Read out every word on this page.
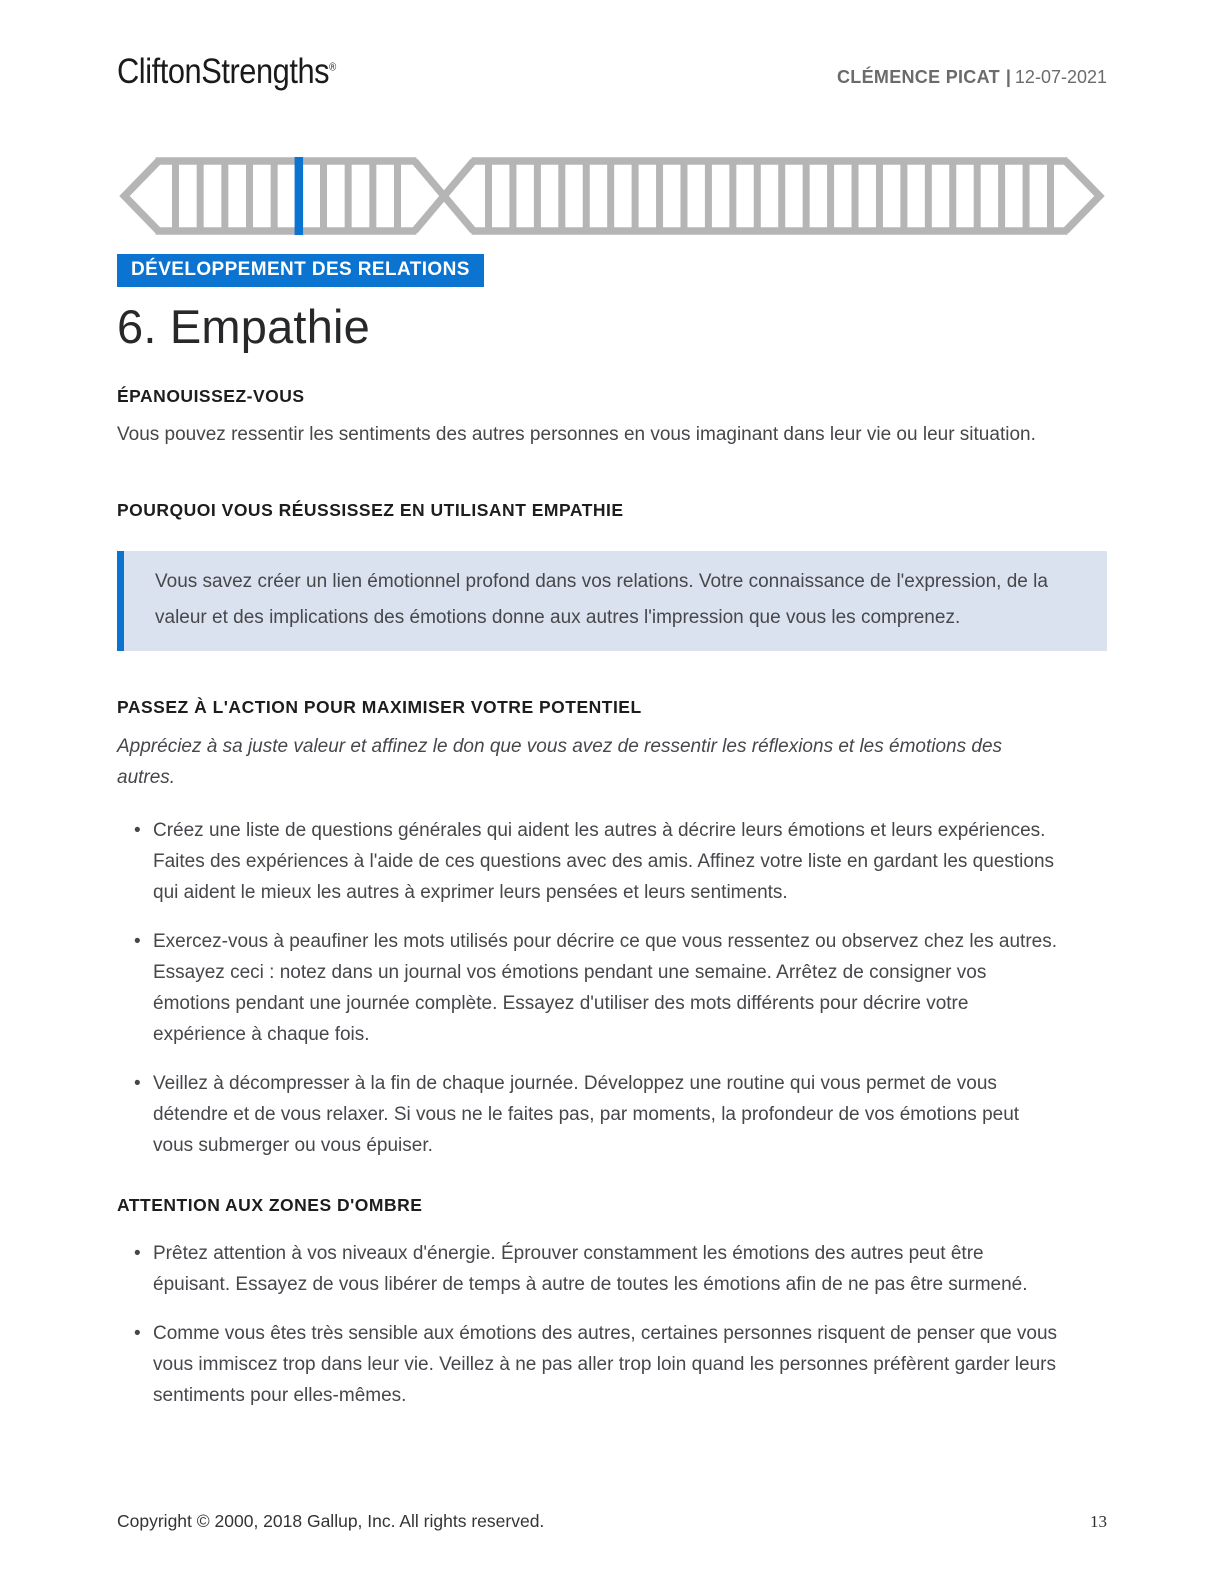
CliftonStrengths®	CLÉMENCE PICAT | 12-07-2021
DÉVELOPPEMENT DES RELATIONS
6. Empathie
ÉPANOUISSEZ-VOUS

Vous pouvez ressentir les sentiments des autres personnes en vous imaginant dans leur vie ou leur situation.

POURQUOI VOUS RÉUSSISSEZ EN UTILISANT EMPATHIE

Vous savez créer un lien émotionnel profond dans vos relations. Votre connaissance de l'expression, de la valeur et des implications des émotions donne aux autres l'impression que vous les comprenez.

PASSEZ À L'ACTION POUR MAXIMISER VOTRE POTENTIEL

Appréciez à sa juste valeur et affinez le don que vous avez de ressentir les réflexions et les émotions des autres.

• Créez une liste de questions générales qui aident les autres à décrire leurs émotions et leurs expériences. Faites des expériences à l'aide de ces questions avec des amis. Affinez votre liste en gardant les questions qui aident le mieux les autres à exprimer leurs pensées et leurs sentiments.
• Exercez-vous à peaufiner les mots utilisés pour décrire ce que vous ressentez ou observez chez les autres. Essayez ceci : notez dans un journal vos émotions pendant une semaine. Arrêtez de consigner vos émotions pendant une journée complète. Essayez d'utiliser des mots différents pour décrire votre expérience à chaque fois.
• Veillez à décompresser à la fin de chaque journée. Développez une routine qui vous permet de vous détendre et de vous relaxer. Si vous ne le faites pas, par moments, la profondeur de vos émotions peut vous submerger ou vous épuiser.
ATTENTION AUX ZONES D'OMBRE
• Prêtez attention à vos niveaux d'énergie. Éprouver constamment les émotions des autres peut être épuisant. Essayez de vous libérer de temps à autre de toutes les émotions afin de ne pas être surmené.
• Comme vous êtes très sensible aux émotions des autres, certaines personnes risquent de penser que vous vous immiscez trop dans leur vie. Veillez à ne pas aller trop loin quand les personnes préfèrent garder leurs sentiments pour elles-mêmes.
Copyright © 2000, 2018 Gallup, Inc. All rights reserved.	13
